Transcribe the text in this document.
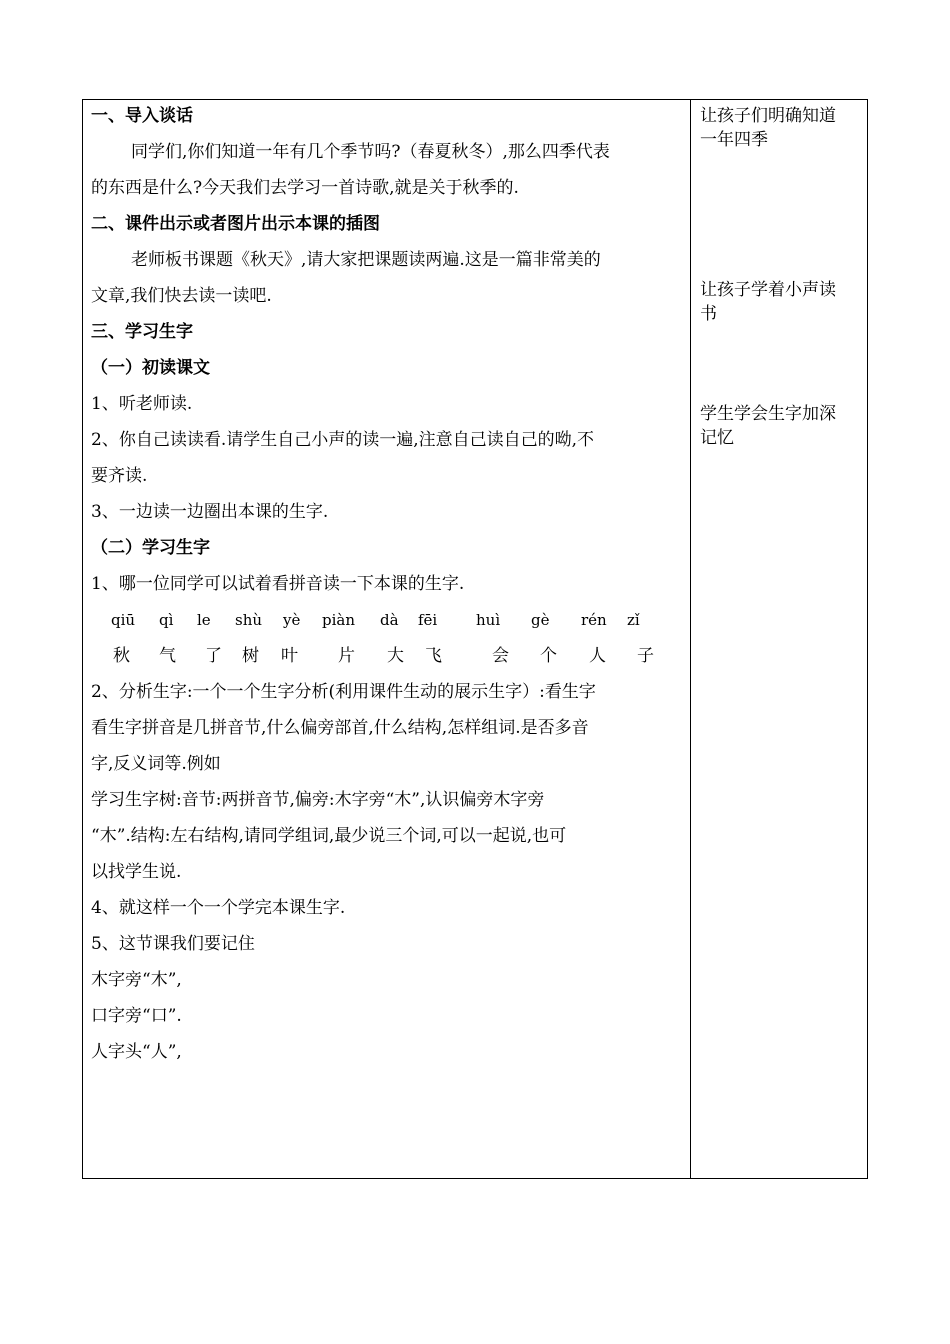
一、导入谈话
同学们,你们知道一年有几个季节吗?（春夏秋冬）,那么四季代表
的东西是什么?今天我们去学习一首诗歌,就是关于秋季的.
二、课件出示或者图片出示本课的插图
老师板书课题《秋天》,请大家把课题读两遍.这是一篇非常美的
文章,我们快去读一读吧.
三、学习生字
（一）初读课文
1、听老师读.
2、你自己读读看.请学生自己小声的读一遍,注意自己读自己的呦,不
要齐读.
3、一边读一边圈出本课的生字.
（二）学习生字
1、哪一位同学可以试着看拼音读一下本课的生字.
qiū qì le shù yè piàn dà fēi	huì gè rén zǐ
秋 气 了 树 叶 片 大 飞	会 个 人 子
2、分析生字:一个一个生字分析(利用课件生动的展示生字）:看生字
看生字拼音是几拼音节,什么偏旁部首,什么结构,怎样组词.是否多音
字,反义词等.例如
学习生字树:音节:两拼音节,偏旁:木字旁“木”,认识偏旁木字旁
“木”.结构:左右结构,请同学组词,最少说三个词,可以一起说,也可
以找学生说.
4、就这样一个一个学完本课生字.
5、这节课我们要记住
木字旁“木”,
口字旁“口”.
人字头“人”,
让孩子们明确知道
一年四季
让孩子学着小声读
书
学生学会生字加深
记忆
